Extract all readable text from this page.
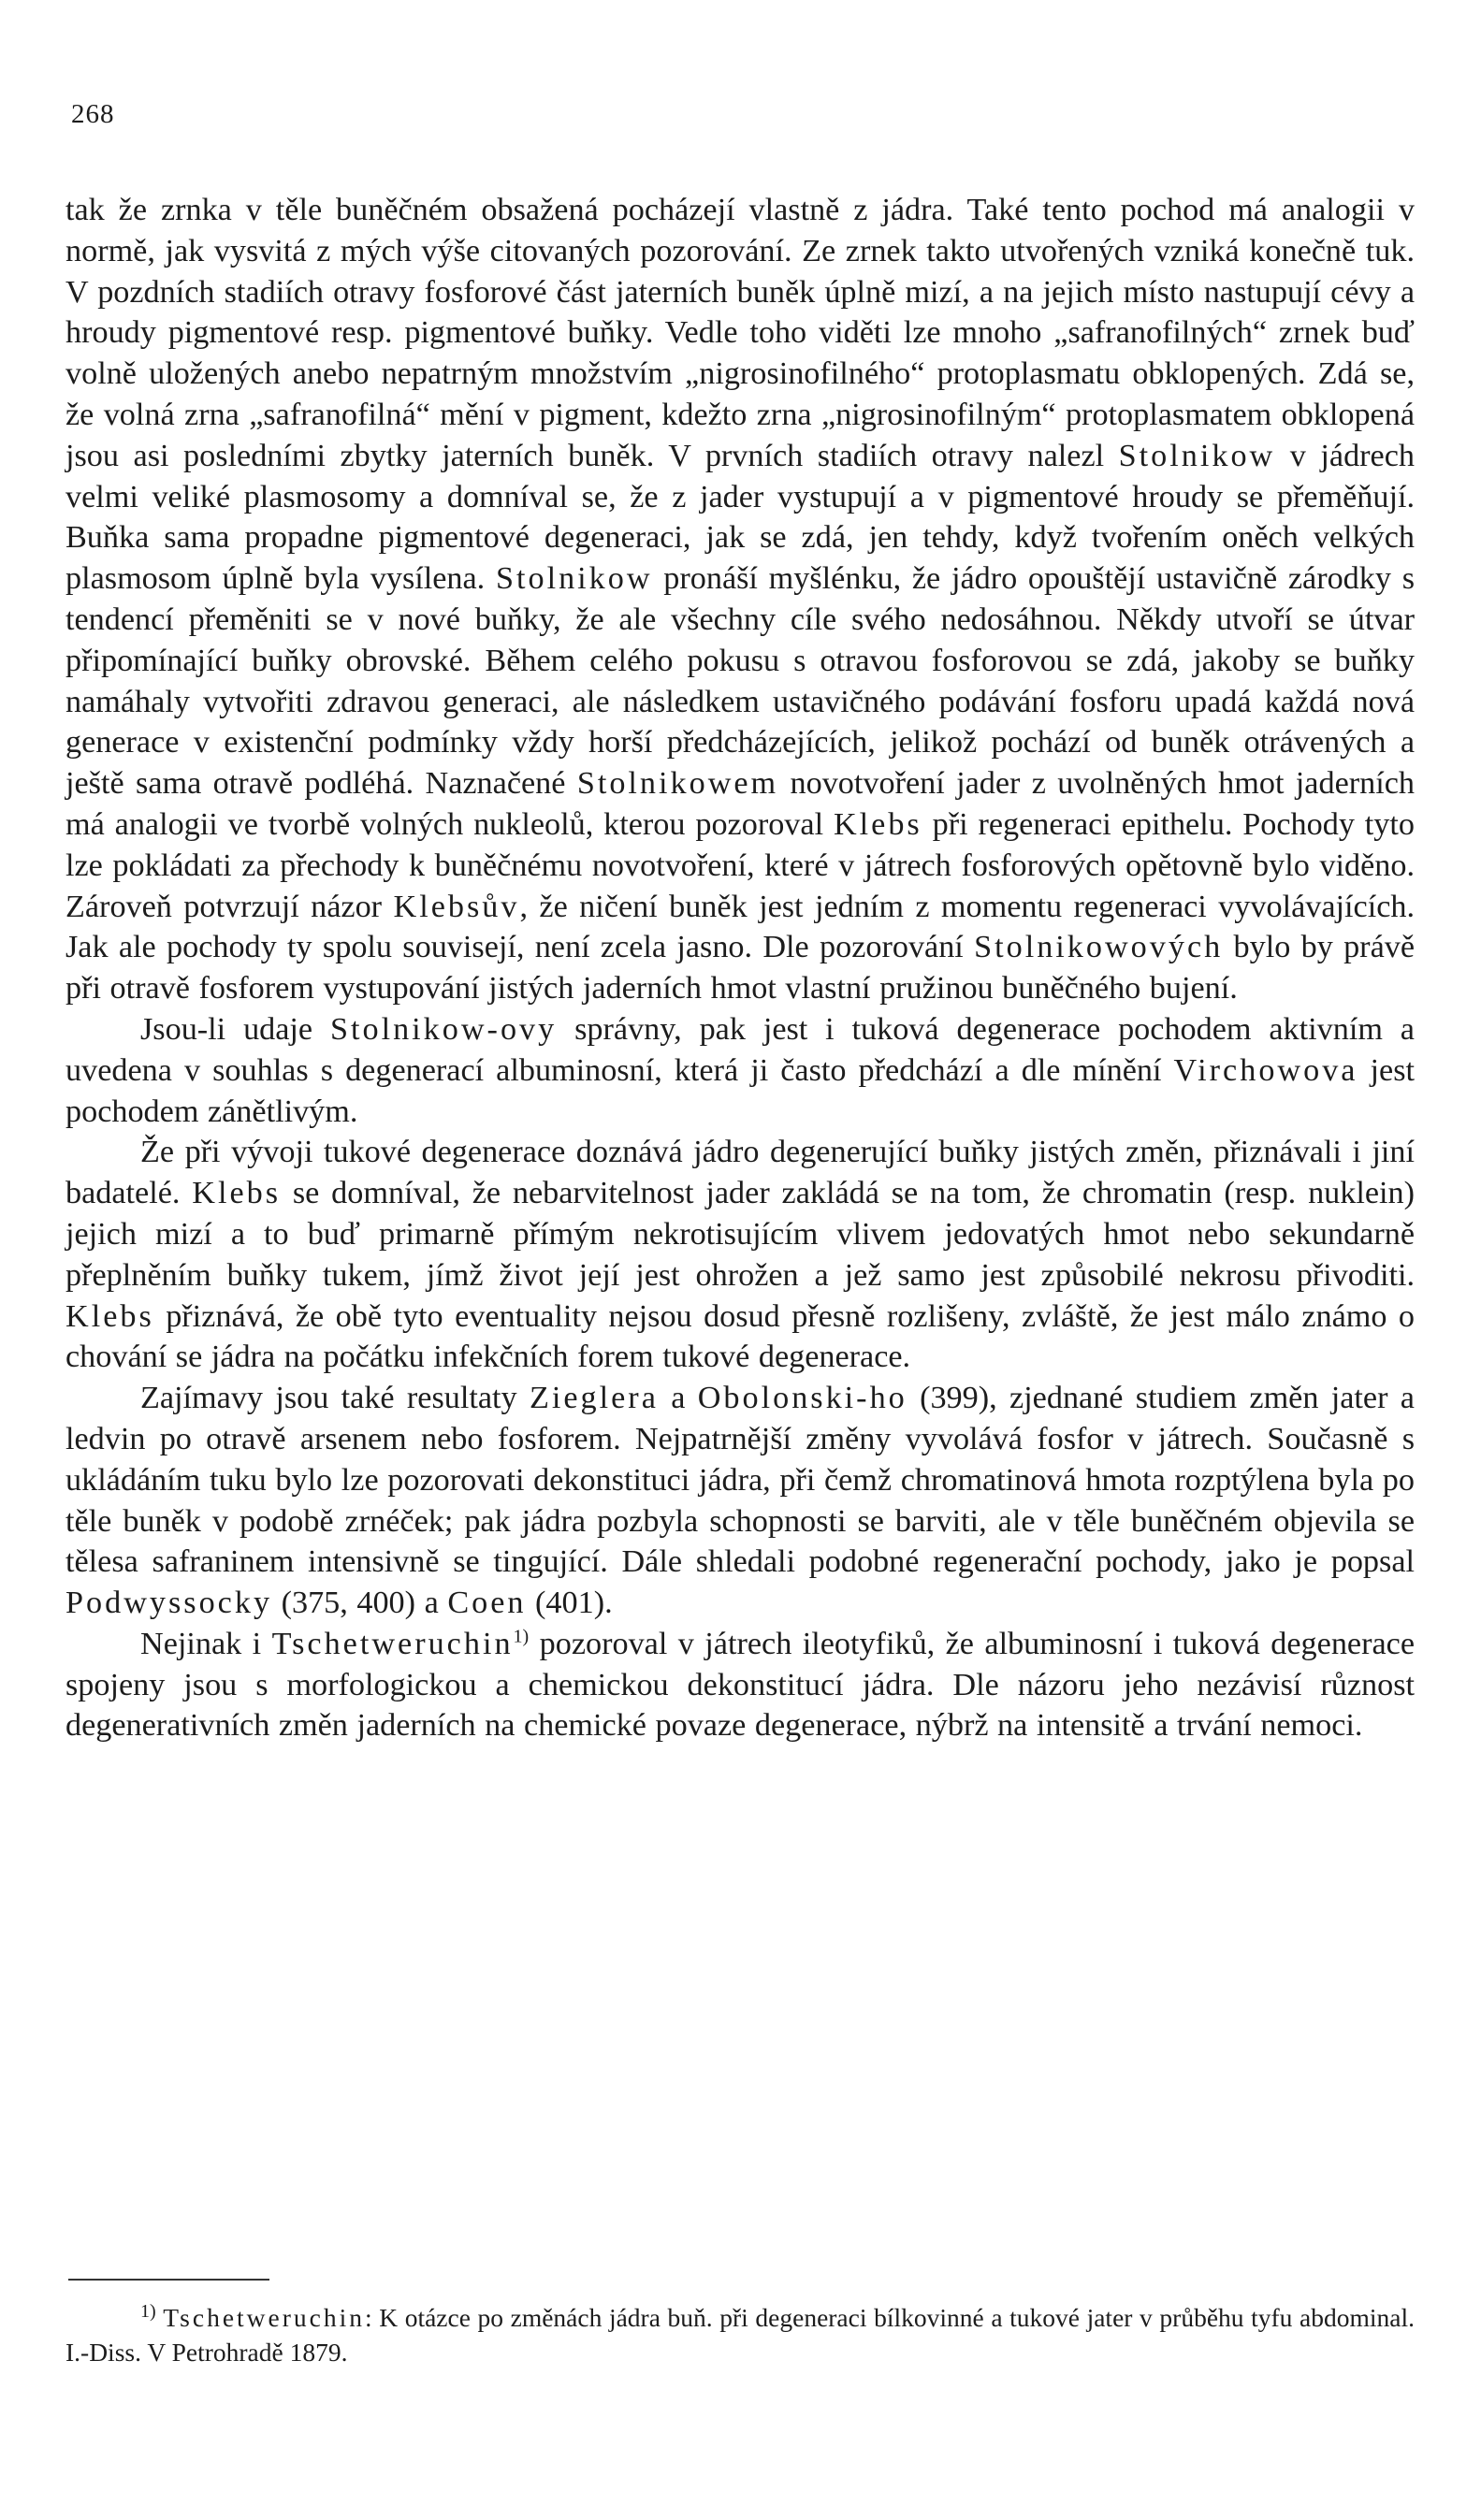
268

tak že zrnka v těle buněčném obsažená pocházejí vlastně z jádra. Také tento pochod má analogii v normě, jak vysvitá z mých výše citovaných pozorování. Ze zrnek takto utvořených vzniká konečně tuk. V pozdních stadiích otravy fosforové část jaterních buněk úplně mizí, a na jejich místo nastupují cévy a hroudy pigmentové resp. pigmentové buňky. Vedle toho viděti lze mnoho „safranofilných“ zrnek buď volně uložených anebo nepatrným množstvím „nigrosinofilného“ protoplasmatu obklopených. Zdá se, že volná zrna „safranofilná“ mění v pigment, kdežto zrna „nigrosinofilným“ protoplasmatem obklopená jsou asi posledními zbytky jaterních buněk. V prvních stadiích otravy nalezl Stolnikow v jádrech velmi veliké plasmosomy a domníval se, že z jader vystupují a v pigmentové hroudy se přeměňují. Buňka sama propadne pigmentové degeneraci, jak se zdá, jen tehdy, když tvořením oněch velkých plasmosom úplně byla vysílena. Stolnikow pronáší myšlénku, že jádro opouštějí ustavičně zárodky s tendencí přeměniti se v nové buňky, že ale všechny cíle svého nedosáhnou. Někdy utvoří se útvar připomínající buňky obrovské. Během celého pokusu s otravou fosforovou se zdá, jakoby se buňky namáhaly vytvořiti zdravou generaci, ale následkem ustavičného podávání fosforu upadá každá nová generace v existenční podmínky vždy horší předcházejících, jelikož pochází od buněk otrávených a ještě sama otravě podléhá. Naznačené Stolnikowem novotvoření jader z uvolněných hmot jaderních má analogii ve tvorbě volných nukleolů, kterou pozoroval Klebs při regeneraci epithelu. Pochody tyto lze pokládati za přechody k buněčnému novotvoření, které v játrech fosforových opětovně bylo viděno. Zároveň potvrzují názor Klebsův, že ničení buněk jest jedním z momentu regeneraci vyvolávajících. Jak ale pochody ty spolu souvisejí, není zcela jasno. Dle pozorování Stolnikowových bylo by právě při otravě fosforem vystupování jistých jaderních hmot vlastní pružinou buněčného bujení.

Jsou-li udaje Stolnikow-ovy správny, pak jest i tuková degenerace pochodem aktivním a uvedena v souhlas s degenerací albuminosní, která ji často předchází a dle mínění Virchowova jest pochodem zánětlivým.

Že při vývoji tukové degenerace doznává jádro degenerující buňky jistých změn, přiznávali i jiní badatelé. Klebs se domníval, že nebarvitelnost jader zakládá se na tom, že chromatin (resp. nuklein) jejich mizí a to buď primarně přímým nekrotisujícím vlivem jedovatých hmot nebo sekundarně přeplněním buňky tukem, jímž život její jest ohrožen a jež samo jest způsobilé nekrosu přivoditi. Klebs přiznává, že obě tyto eventuality nejsou dosud přesně rozlišeny, zvláště, že jest málo známo o chování se jádra na počátku infekčních forem tukové degenerace.

Zajímavy jsou také resultaty Zieglera a Obolonski-ho (399), zjednané studiem změn jater a ledvin po otravě arsenem nebo fosforem. Nejpatrnější změny vyvolává fosfor v játrech. Současně s ukládáním tuku bylo lze pozorovati dekonstituci jádra, při čemž chromatinová hmota rozptýlena byla po těle buněk v podobě zrnéček; pak jádra pozbyla schopnosti se barviti, ale v těle buněčném objevila se tělesa safraninem intensivně se tingující. Dále shledali podobné regenerační pochody, jako je popsal Podwyssocky (375, 400) a Coen (401).

Nejinak i Tschetweruchin$^{1)}$ pozoroval v játrech ileotyfiků, že albuminosní i tuková degenerace spojeny jsou s morfologickou a chemickou dekonstitucí jádra. Dle názoru jeho nezávisí různost degenerativních změn jaderních na chemické povaze degenerace, nýbrž na intensitě a trvání nemoci.

$^{1)}$ Tschetweruchin: K otázce po změnách jádra buň. při degeneraci bílkovinné a tukové jater v průběhu tyfu abdominal. I.-Diss. V Petrohradě 1879.
